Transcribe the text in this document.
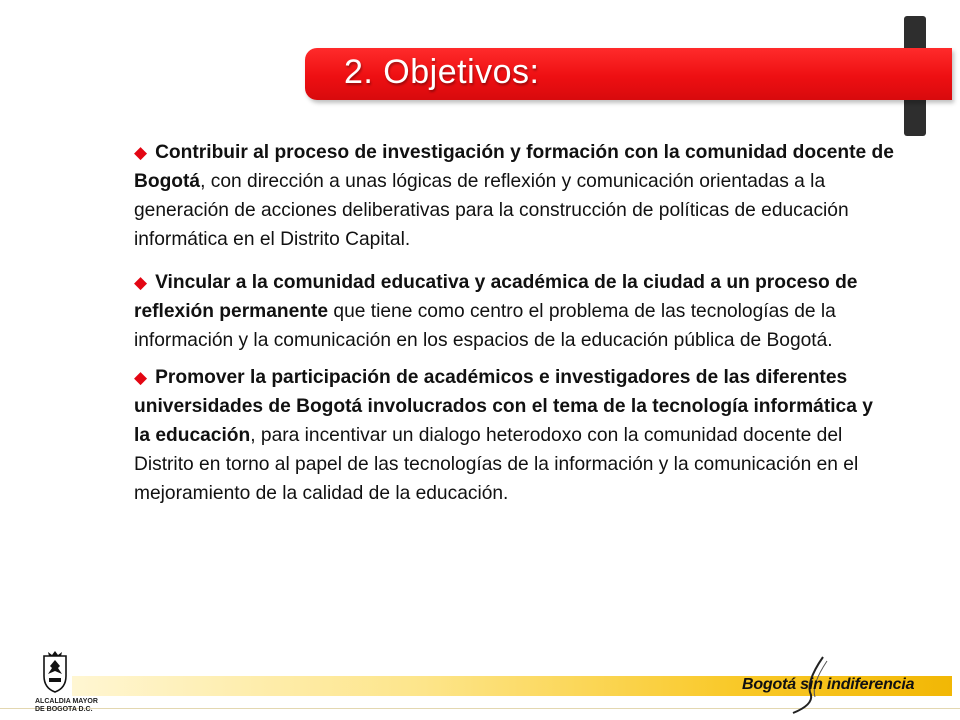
2. Objetivos:

◆ Contribuir al proceso de investigación y formación con la comunidad docente de Bogotá, con dirección a unas lógicas de reflexión y comunicación orientadas a la generación de acciones deliberativas para la construcción de políticas de educación informática en el Distrito Capital.

◆ Vincular a la comunidad educativa y académica de la ciudad a un proceso de reflexión permanente que tiene como centro el problema de las tecnologías de la información y la comunicación en los espacios de la educación pública de Bogotá.

◆ Promover la participación de académicos e investigadores de las diferentes universidades de Bogotá involucrados con el tema de la tecnología informática y la educación, para incentivar un dialogo heterodoxo con la comunidad docente del Distrito en torno al papel de las tecnologías de la información y la comunicación en el mejoramiento de la calidad de la educación.

ALCALDIA MAYOR
DE BOGOTA D.C.
Bogotá sin indiferencia
